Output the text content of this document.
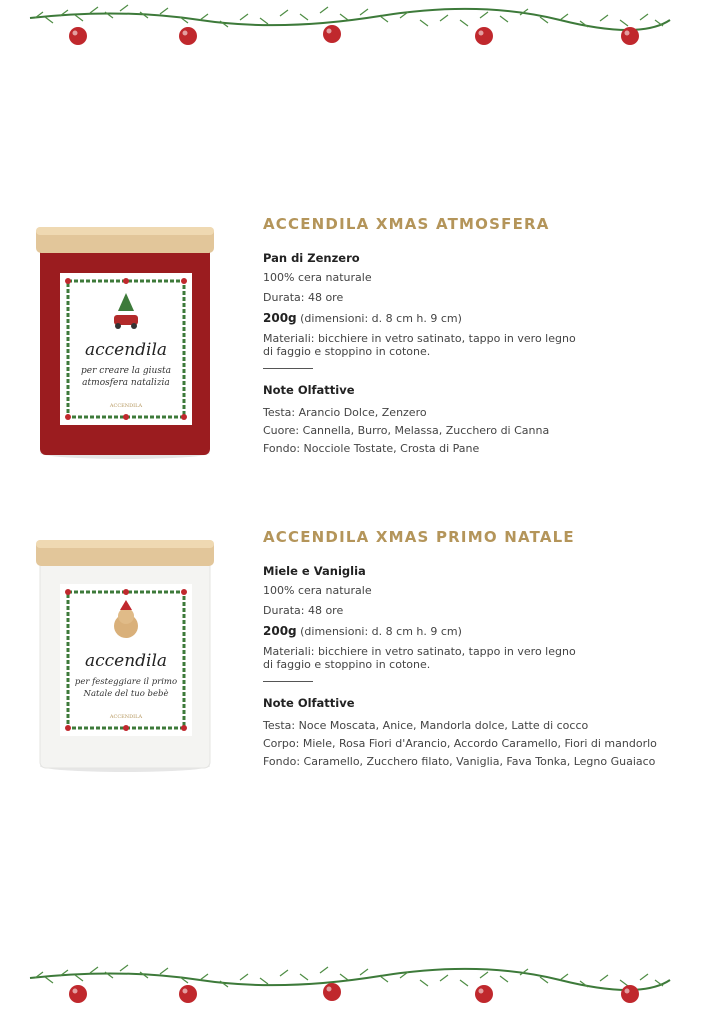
accendila
per creare la giusta
atmosfera natalizia
ACCENDILA
ACCENDILA XMAS ATMOSFERA
Pan di Zenzero
100% cera naturale
Durata: 48 ore
200g (dimensioni: d. 8 cm h. 9 cm)
Materiali: bicchiere in vetro satinato, tappo in vero legno
di faggio e stoppino in cotone.
Note Olfattive
Testa: Arancio Dolce, Zenzero
Cuore: Cannella, Burro, Melassa, Zucchero di Canna
Fondo: Nocciole Tostate, Crosta di Pane
accendila
per festeggiare il primo
Natale del tuo bebè
ACCENDILA
ACCENDILA XMAS PRIMO NATALE
Miele e Vaniglia
100% cera naturale
Durata: 48 ore
200g (dimensioni: d. 8 cm h. 9 cm)
Materiali: bicchiere in vetro satinato, tappo in vero legno
di faggio e stoppino in cotone.
Note Olfattive
Testa: Noce Moscata, Anice, Mandorla dolce, Latte di cocco
Corpo: Miele, Rosa Fiori d'Arancio, Accordo Caramello, Fiori di mandorlo
Fondo: Caramello, Zucchero filato, Vaniglia, Fava Tonka, Legno Guaiaco
